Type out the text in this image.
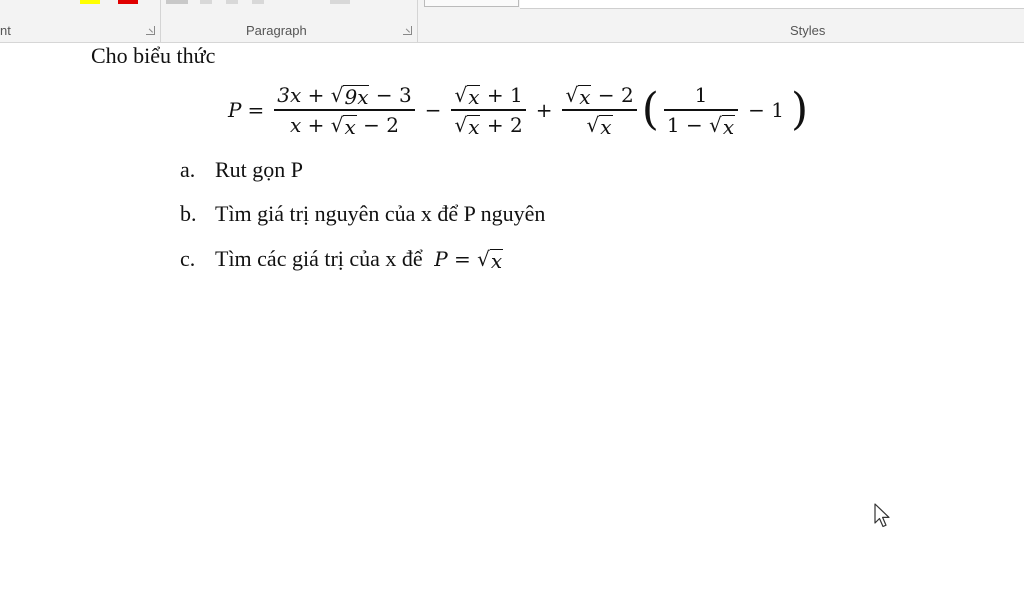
nt	Paragraph	Styles
Cho biểu thức
$P = \frac{3x + √ 9x - 3}{x + √ x - 2} - \frac{√ x + 1}{√ x + 2} + \frac{√ x - 2}{√ x}$ ( $\frac{1}{1 - √ x} - 1$ )
a. Rut gọn P
b. Tìm giá trị nguyên của x để P nguyên
c. Tìm các giá trị của x để P = √ x
